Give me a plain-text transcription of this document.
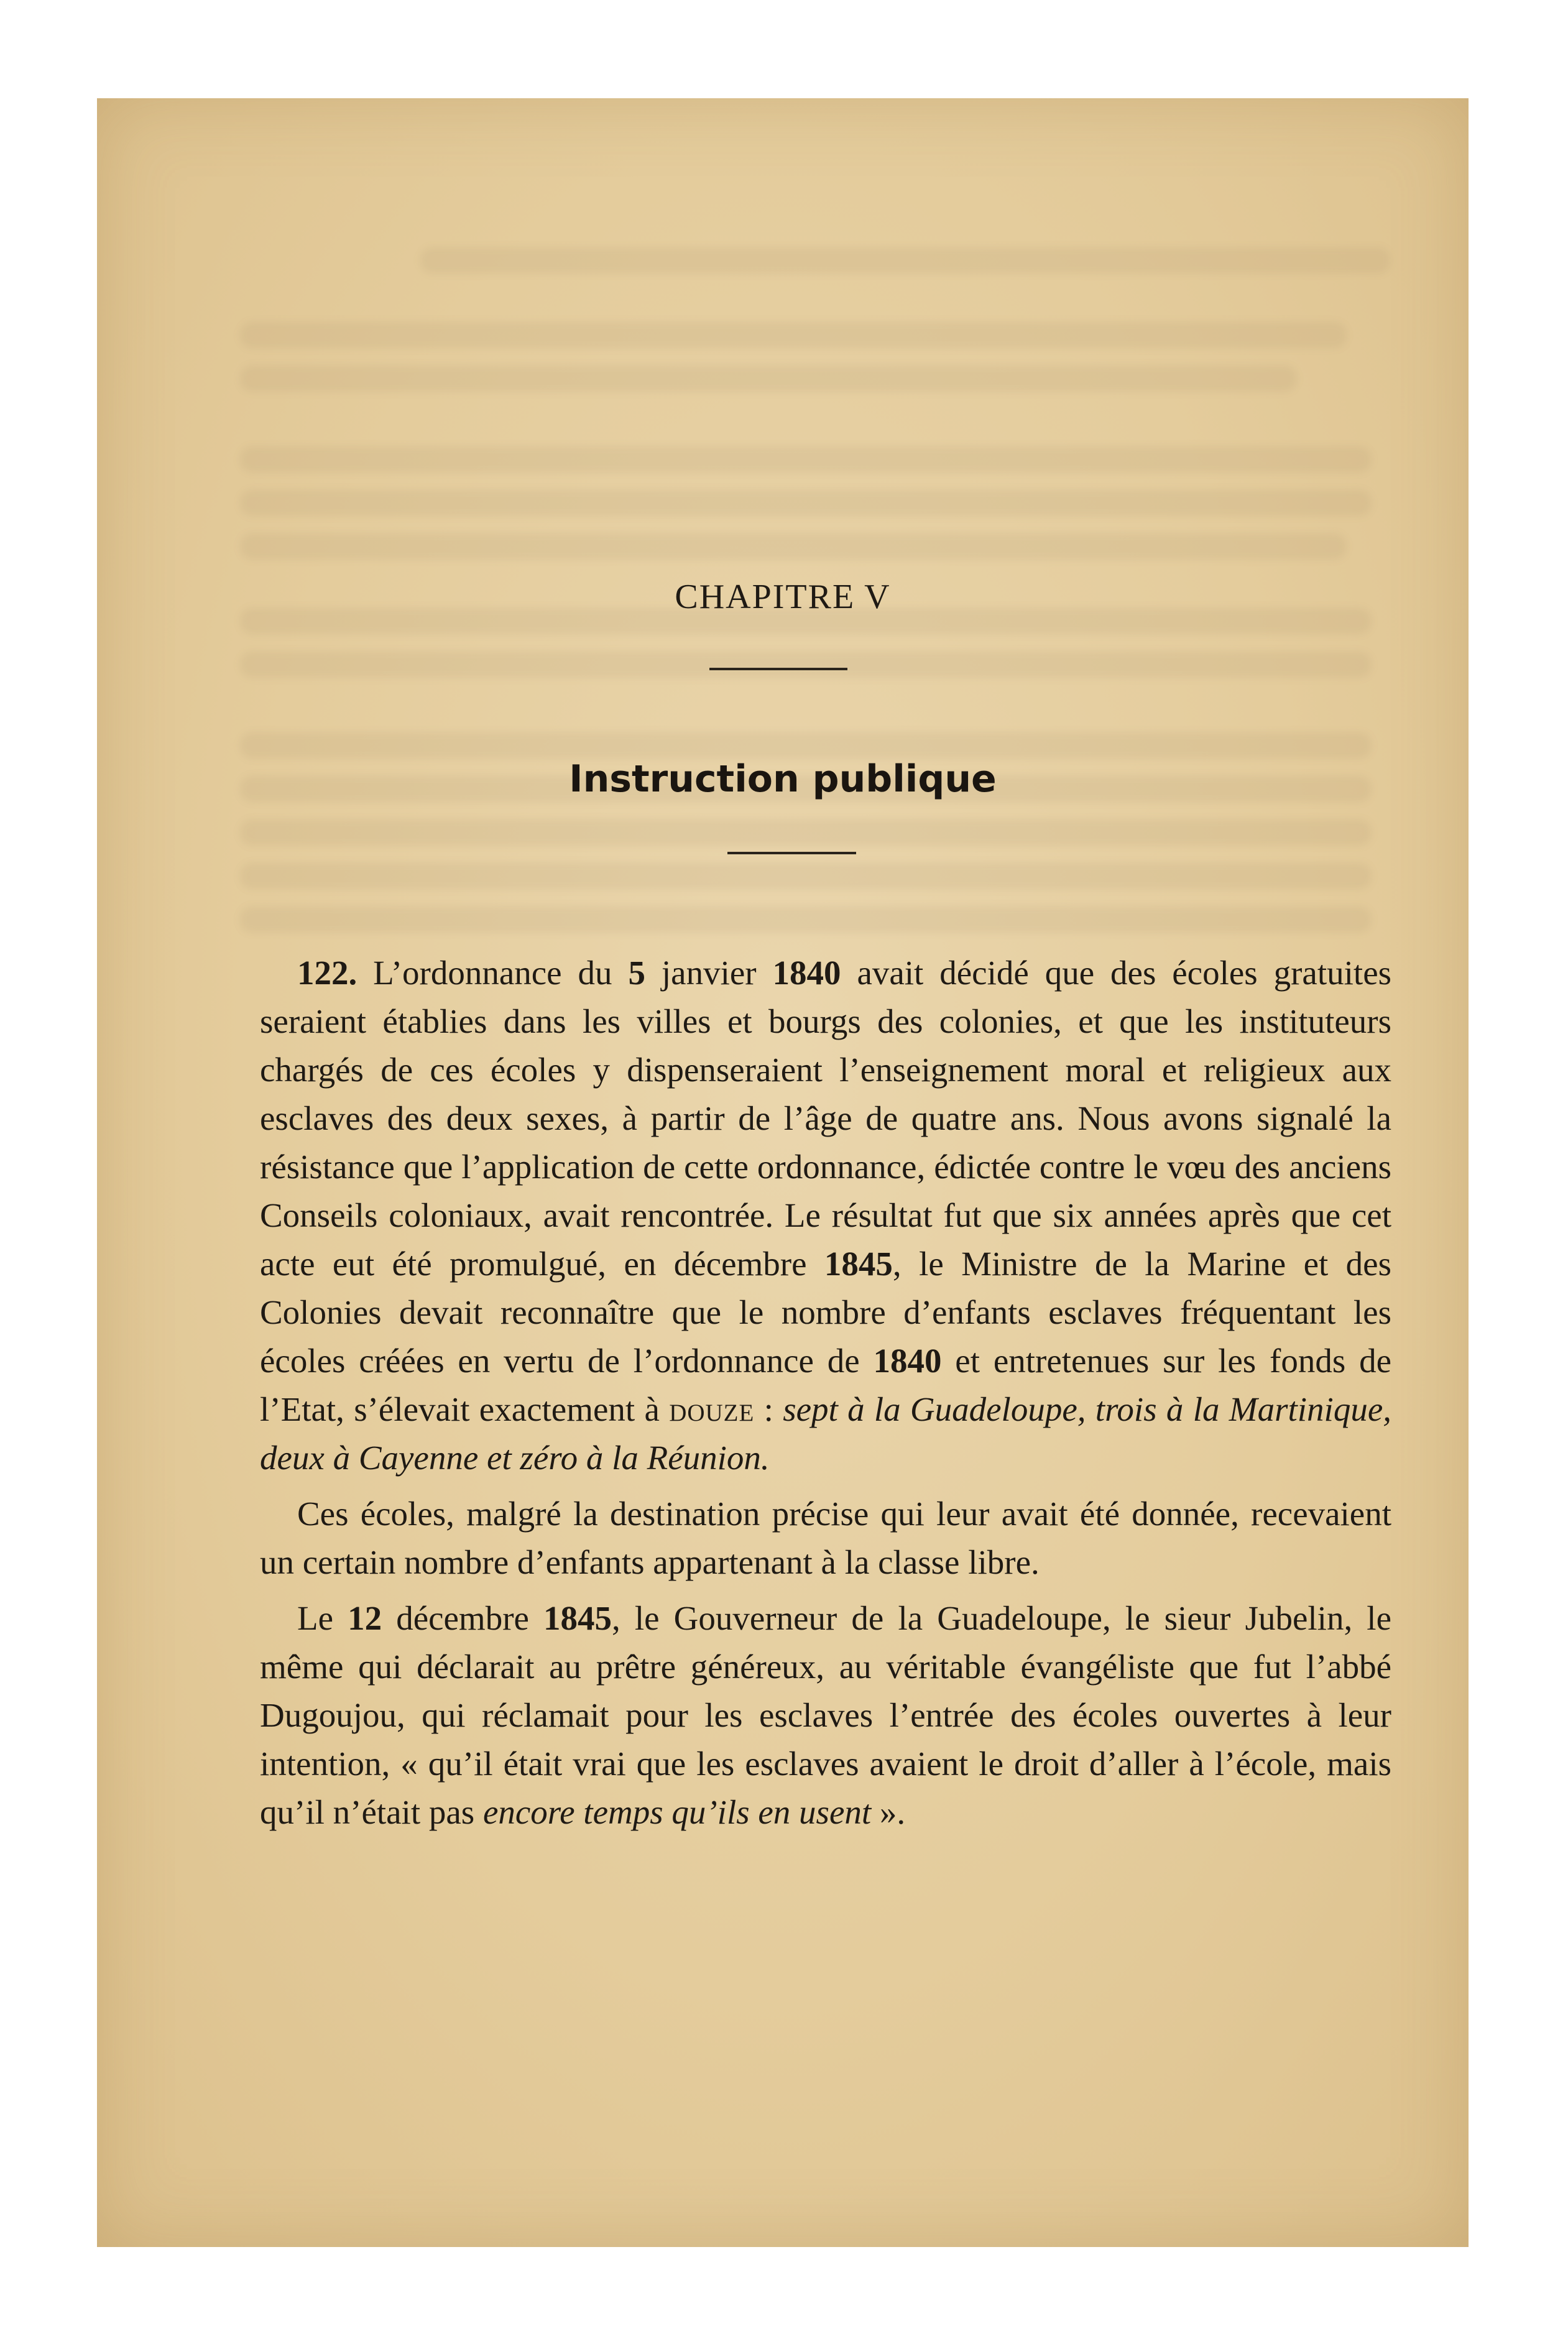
CHAPITRE V
Instruction publique

122. L’ordonnance du 5 janvier 1840 avait décidé que des écoles gratuites seraient établies dans les villes et bourgs des colonies, et que les instituteurs chargés de ces écoles y dispenseraient l’enseignement moral et religieux aux esclaves des deux sexes, à partir de l’âge de quatre ans. Nous avons signalé la résistance que l’application de cette ordonnance, édictée contre le vœu des anciens Conseils coloniaux, avait rencontrée. Le résultat fut que six années après que cet acte eut été promulgué, en décembre 1845, le Ministre de la Marine et des Colonies devait reconnaître que le nombre d’enfants esclaves fréquentant les écoles créées en vertu de l’ordonnance de 1840 et entretenues sur les fonds de l’Etat, s’élevait exactement à douze : sept à la Guadeloupe, trois à la Martinique, deux à Cayenne et zéro à la Réunion.

Ces écoles, malgré la destination précise qui leur avait été donnée, recevaient un certain nombre d’enfants appartenant à la classe libre.

Le 12 décembre 1845, le Gouverneur de la Guadeloupe, le sieur Jubelin, le même qui déclarait au prêtre généreux, au véritable évangéliste que fut l’abbé Dugoujou, qui réclamait pour les esclaves l’entrée des écoles ouvertes à leur intention, « qu’il était vrai que les esclaves avaient le droit d’aller à l’école, mais qu’il n’était pas encore temps qu’ils en usent ».
